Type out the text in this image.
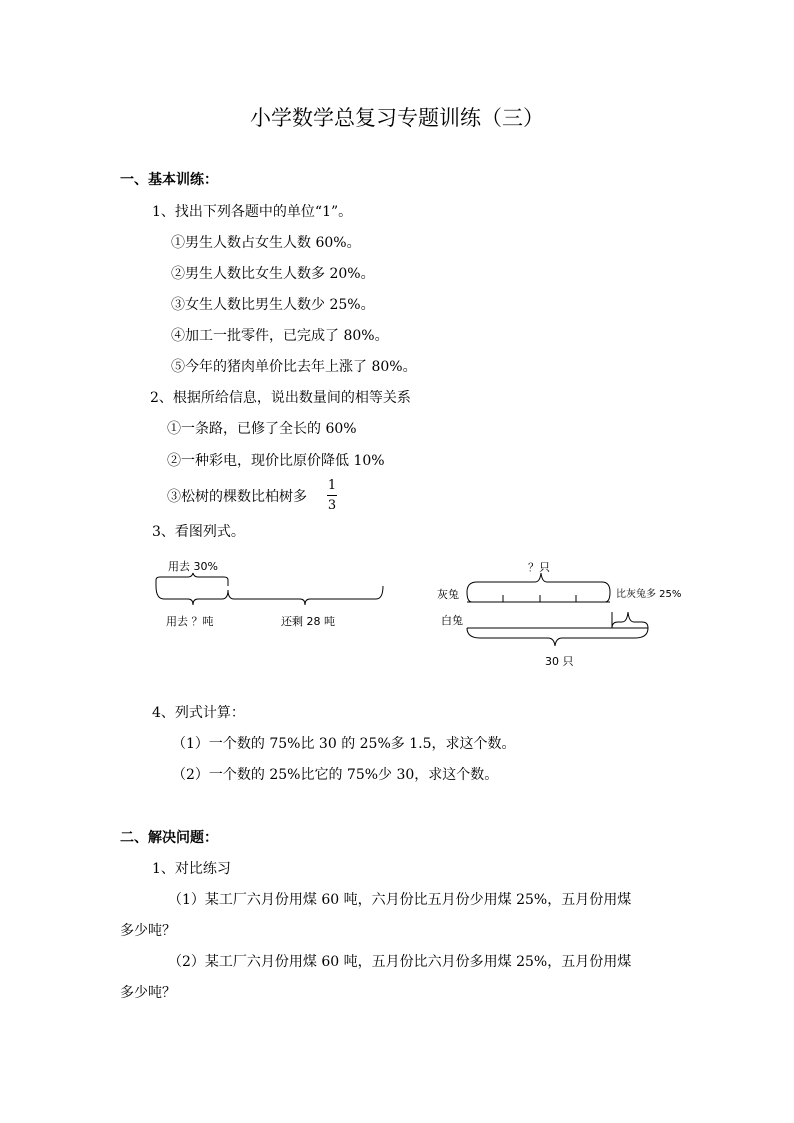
小学数学总复习专题训练（三）
一、基本训练：
1、找出下列各题中的单位“1”。
①男生人数占女生人数 60%。
②男生人数比女生人数多 20%。
③女生人数比男生人数少 25%。
④加工一批零件，已完成了 80%。
⑤今年的猪肉单价比去年上涨了 80%。
2、根据所给信息，说出数量间的相等关系
①一条路，已修了全长的 60%
②一种彩电，现价比原价降低 10%
③松树的棵数比柏树多
1
3
3、看图列式。
用去 30%
用去 ？吨	还剩 28 吨
？只
灰兔
白兔
比灰兔多 25%
30 只
4、列式计算：
（1）一个数的 75%比 30 的 25%多 1.5，求这个数。
（2）一个数的 25%比它的 75%少 30，求这个数。
二、解决问题：
1、对比练习
（1）某工厂六月份用煤 60 吨，六月份比五月份少用煤 25%，五月份用煤
多少吨？
（2）某工厂六月份用煤 60 吨，五月份比六月份多用煤 25%，五月份用煤
多少吨？
